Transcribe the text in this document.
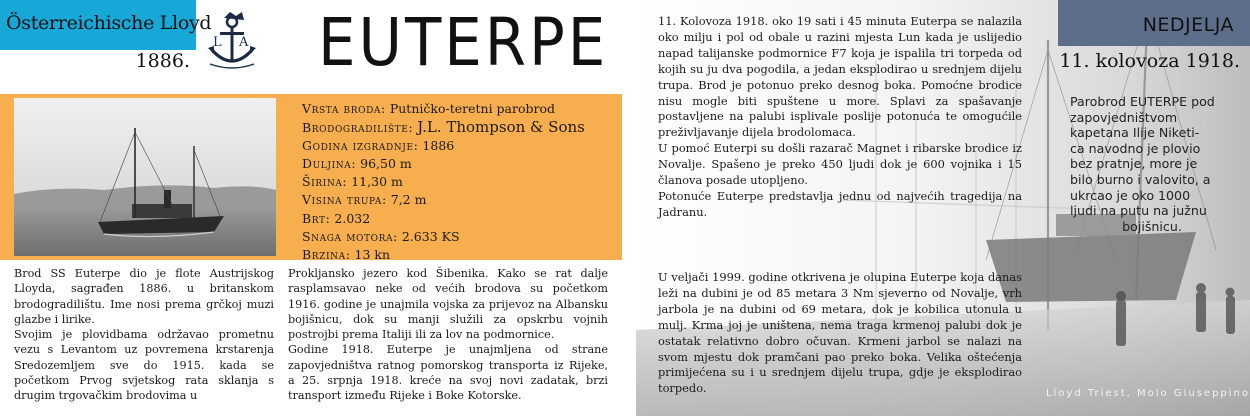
Österreichische Lloyd
1886.
L A EUTERPE
Vrsta broda: Putničko-teretni parobrod
Brodogradilište: J.L. Thompson & Sons
Godina izgradnje: 1886
Duljina: 96,50 m
Širina: 11,30 m
Visina trupa: 7,2 m
Brt: 2.032
Snaga motora: 2.633 KS
Brzina: 13 kn

Brod SS Euterpe dio je flote Austrijskog Lloyda, sagrađen 1886. u britanskom brodogradilištu. Ime nosi prema grčkoj muzi glazbe i lirike.

Svojim je plovidbama održavao prometnu vezu s Levantom uz povremena krstarenja Sredozemljem sve do 1915. kada se početkom Prvog svjetskog rata sklanja s drugim trgovačkim brodovima u

Prokljansko jezero kod Šibenika. Kako se rat dalje rasplamsavao neke od većih brodova su početkom 1916. godine je unajmila vojska za prijevoz na Albansku bojišnicu, dok su manji služili za opskrbu vojnih postrojbi prema Italiji ili za lov na podmornice.

Godine 1918. Euterpe je unajmljena od strane zapovjedništva ratnog pomorskog transporta iz Rijeke, a 25. srpnja 1918. kreće na svoj novi zadatak, brzi transport između Rijeke i Boke Kotorske.

11. Kolovoza 1918. oko 19 sati i 45 minuta Euterpa se nalazila oko milju i pol od obale u razini mjesta Lun kada je uslijedio napad talijanske podmornice F7 koja je ispalila tri torpeda od kojih su ju dva pogodila, a jedan eksplodirao u srednjem dijelu trupa. Brod je potonuo preko desnog boka. Pomoćne brodice nisu mogle biti spuštene u more. Splavi za spašavanje postavljene na palubi isplivale poslije potonuća te omogućile preživljavanje dijela brodolomaca.

U pomoć Euterpi su došli razarač Magnet i ribarske brodice iz Novalje. Spašeno je preko 450 ljudi dok je 600 vojnika i 15 članova posade utopljeno.

Potonuće Euterpe predstavlja jednu od najvećih tragedija na Jadranu.

U veljači 1999. godine otkrivena je olupina Euterpe koja danas leži na dubini je od 85 metara 3 Nm sjeverno od Novalje, vrh jarbola je na dubini od 69 metara, dok je kobilica utonula u mulj. Krma joj je uništena, nema traga krmenoj palubi dok je ostatak relativno dobro očuvan. Krmeni jarbol se nalazi na svom mjestu dok pramčani pao preko boka. Velika oštećenja primijećena su i u srednjem dijelu trupa, gdje je eksplodirao torpedo.

NEDJELJA
11. kolovoza 1918.
Parobrod EUTERPE pod
zapovjedništvom
kapetana Ilije Niketi-
ca navodno je plovio
bez pratnje, more je
bilo burno i valovito, a
ukrcao je oko 1000
ljudi na putu na južnu
bojišnicu.
Lloyd Triest, Molo Giuseppino
